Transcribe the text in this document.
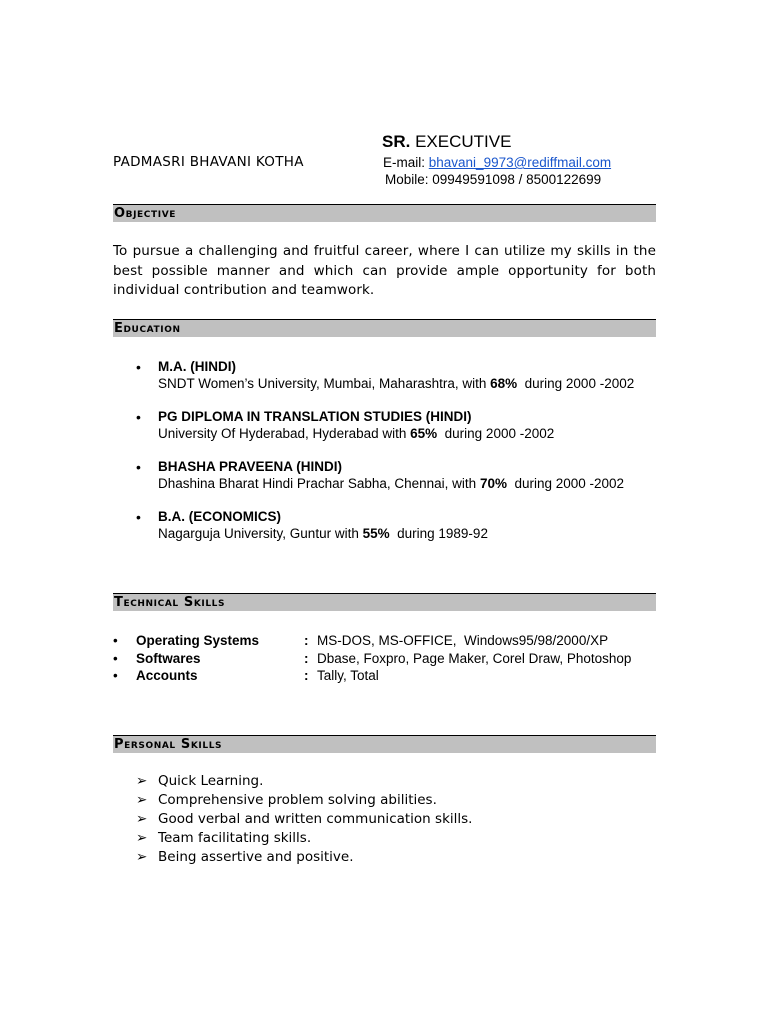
SR. EXECUTIVE
PADMASRI BHAVANI KOTHA	E-mail: bhavani_9973@rediffmail.com
Mobile: 09949591098 / 8500122699
Objective
To pursue a challenging and fruitful career, where I can utilize my skills in the best possible manner and which can provide ample opportunity for both individual contribution and teamwork.
Education
• M.A. (HINDI)
SNDT Women’s University, Mumbai, Maharashtra, with 68%  during 2000 -2002
• PG DIPLOMA IN TRANSLATION STUDIES (HINDI)
University Of Hyderabad, Hyderabad with 65%  during 2000 -2002
• BHASHA PRAVEENA (HINDI)
Dhashina Bharat Hindi Prachar Sabha, Chennai, with 70%  during 2000 -2002
• B.A. (ECONOMICS)
Nagarguja University, Guntur with 55%  during 1989-92
Technical Skills
• Operating Systems	: MS-DOS, MS-OFFICE,  Windows95/98/2000/XP
• Softwares	: Dbase, Foxpro, Page Maker, Corel Draw, Photoshop
• Accounts	: Tally, Total
Personal Skills
➢ Quick Learning.
➢ Comprehensive problem solving abilities.
➢ Good verbal and written communication skills.
➢ Team facilitating skills.
➢ Being assertive and positive.
